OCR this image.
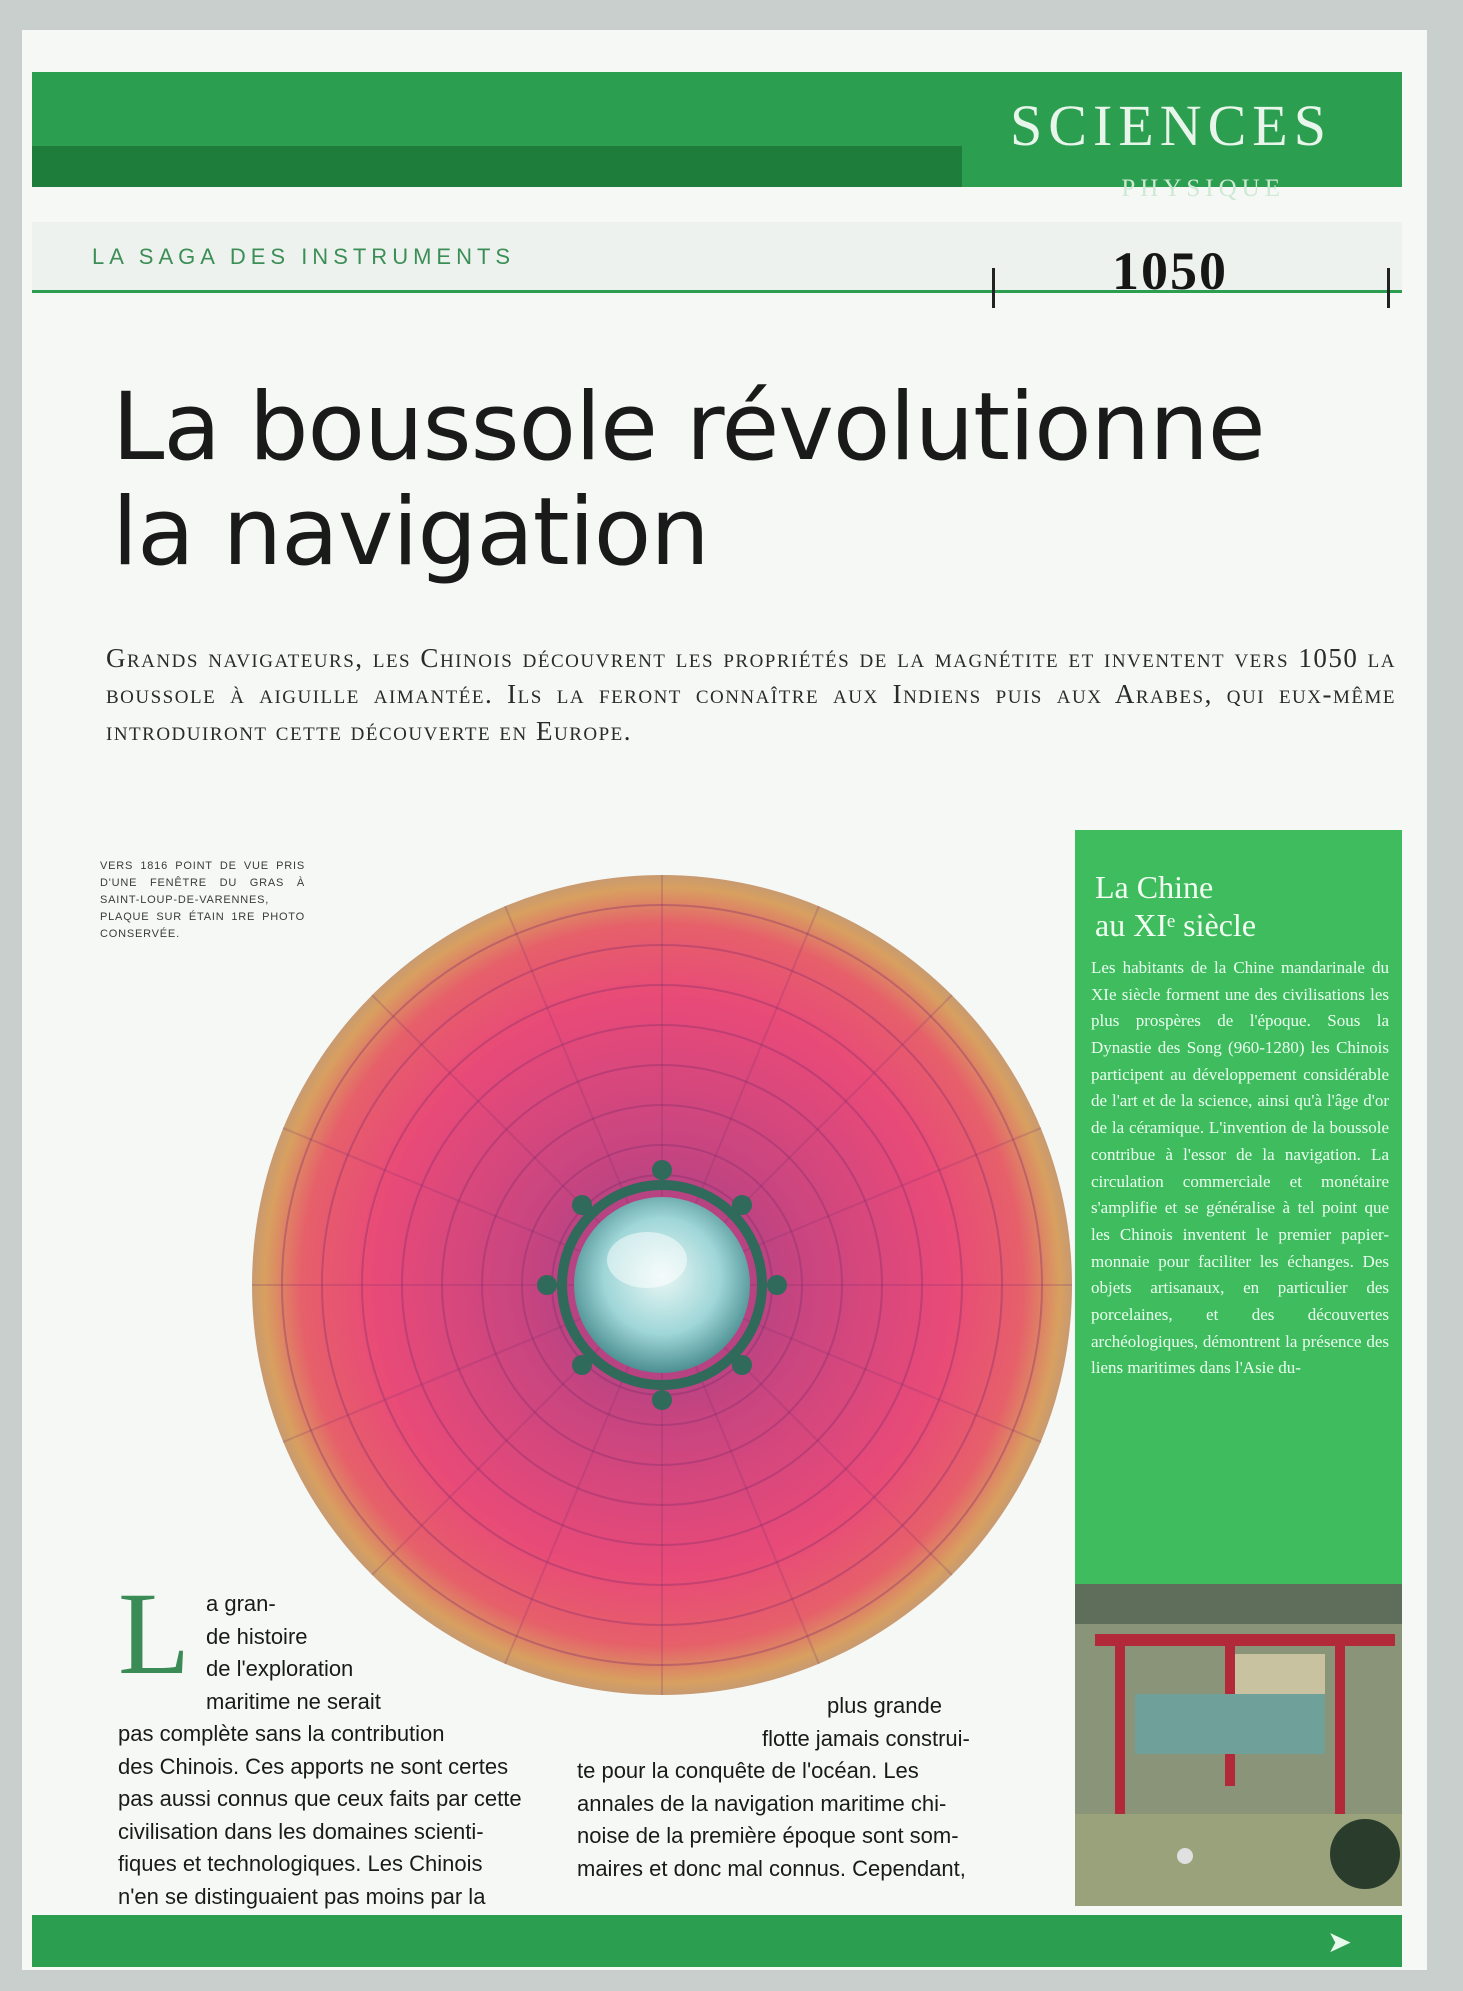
SCIENCES
PHYSIQUE
LA SAGA DES INSTRUMENTS	1050
La boussole révolutionne
la navigation
Grands navigateurs, les Chinois découvrent les propriétés de la magnétite et inventent vers 1050 la boussole à aiguille aimantée. Ils la feront connaître aux Indiens puis aux Arabes, qui eux-même introduiront cette découverte en Europe.
VERS 1816 POINT DE VUE PRIS D'UNE FENÊTRE DU GRAS À SAINT-LOUP-DE-VARENNES, PLAQUE SUR ÉTAIN 1RE PHOTO CONSERVÉE.
La Chine
au XIᵉ siècle
Les habitants de la Chine mandarinale du XIe siècle forment une des civilisations les plus prospères de l'époque. Sous la Dynastie des Song (960-1280) les Chinois participent au développement considérable de l'art et de la science, ainsi qu'à l'âge d'or de la céramique. L'invention de la boussole contribue à l'essor de la navigation. La circulation commerciale et monétaire s'amplifie et se généralise à tel point que les Chinois inventent le premier papier-monnaie pour faciliter les échanges. Des objets artisanaux, en particulier des porcelaines, et des découvertes archéologiques, démontrent la présence des liens maritimes dans l'Asie du-
L a gran-
de histoire
de l'exploration
maritime ne serait
pas complète sans la contribution
des Chinois. Ces apports ne sont certes
pas aussi connus que ceux faits par cette
civilisation dans les domaines scienti-
fiques et technologiques. Les Chinois
n'en se distinguaient pas moins par la
plus grande
flotte jamais construi-
te pour la conquête de l'océan. Les
annales de la navigation maritime chi-
noise de la première époque sont som-
maires et donc mal connus. Cependant,
➤
